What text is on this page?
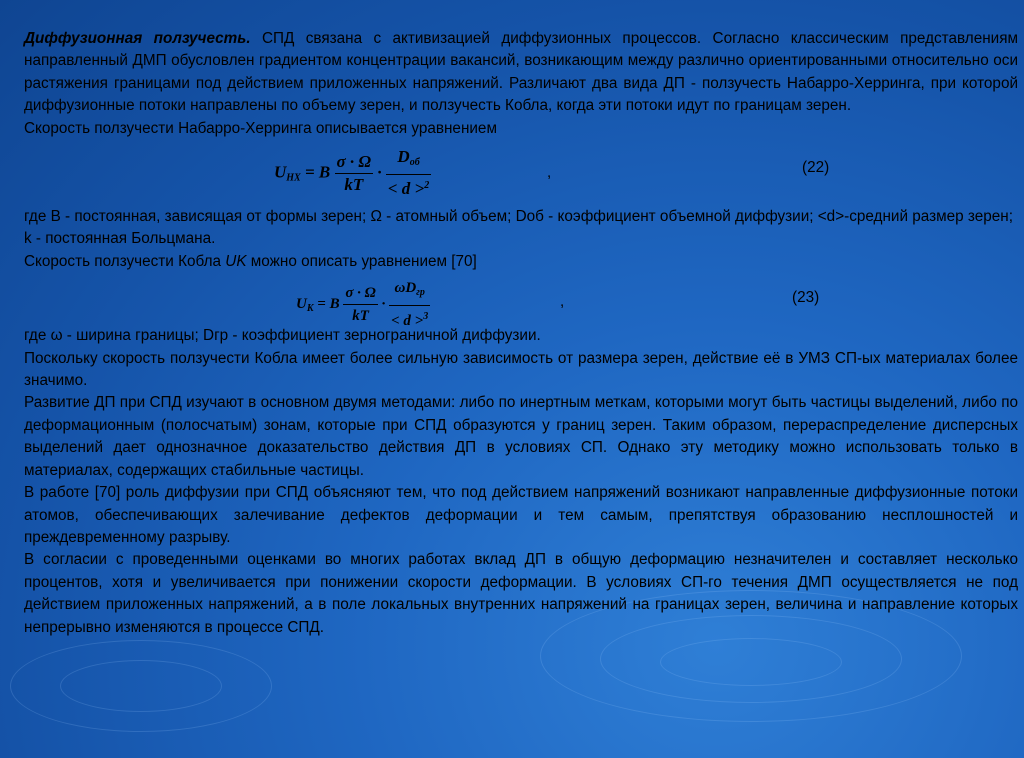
Диффузионная ползучесть. СПД связана с активизацией диффузионных процессов. Согласно классическим представлениям направленный ДМП обусловлен градиентом концентрации вакансий, возникающим между различно ориентированными относительно оси растяжения границами под действием приложенных напряжений. Различают два вида ДП - ползучесть Набарро-Херринга, при которой диффузионные потоки направлены по объему зерен, и ползучесть Кобла, когда эти потоки идут по границам зерен.

Скорость ползучести Набарро-Херринга описывается уравнением

$U_{HX} = B \frac{\sigma \cdot \Omega}{kT} \cdot \frac{D_{об}}{< d >^2}$	,	(22)

где B - постоянная, зависящая от формы зерен; Ω - атомный объем; Dоб - коэффициент объемной диффузии; <d>-средний размер зерен; k - постоянная Больцмана.

Скорость ползучести Кобла UK можно описать уравнением [70]

$U_K = B \frac{\sigma \cdot \Omega}{kT} \cdot \frac{\omega D_{гр}}{< d >^3}$	,	(23)

где ω - ширина границы; Dгр - коэффициент зернограничной диффузии.

Поскольку скорость ползучести Кобла имеет более сильную зависимость от размера зерен, действие её в УМЗ СП-ых материалах более значимо.

Развитие ДП при СПД изучают в основном двумя методами: либо по инертным меткам, которыми могут быть частицы выделений, либо по деформационным (полосчатым) зонам, которые при СПД образуются у границ зерен. Таким образом, перераспределение дисперсных выделений дает однозначное доказательство действия ДП в условиях СП. Однако эту методику можно использовать только в материалах, содержащих стабильные частицы.

В работе [70] роль диффузии при СПД объясняют тем, что под действием напряжений возникают направленные диффузионные потоки атомов, обеспечивающих залечивание дефектов деформации и тем самым, препятствуя образованию несплошностей и преждевременному разрыву.

В согласии с проведенными оценками во многих работах вклад ДП в общую деформацию незначителен и составляет несколько процентов, хотя и увеличивается при понижении скорости деформации. В условиях СП-го течения ДМП осуществляется не под действием приложенных напряжений, а в поле локальных внутренних напряжений на границах зерен, величина и направление которых непрерывно изменяются в процессе СПД.
